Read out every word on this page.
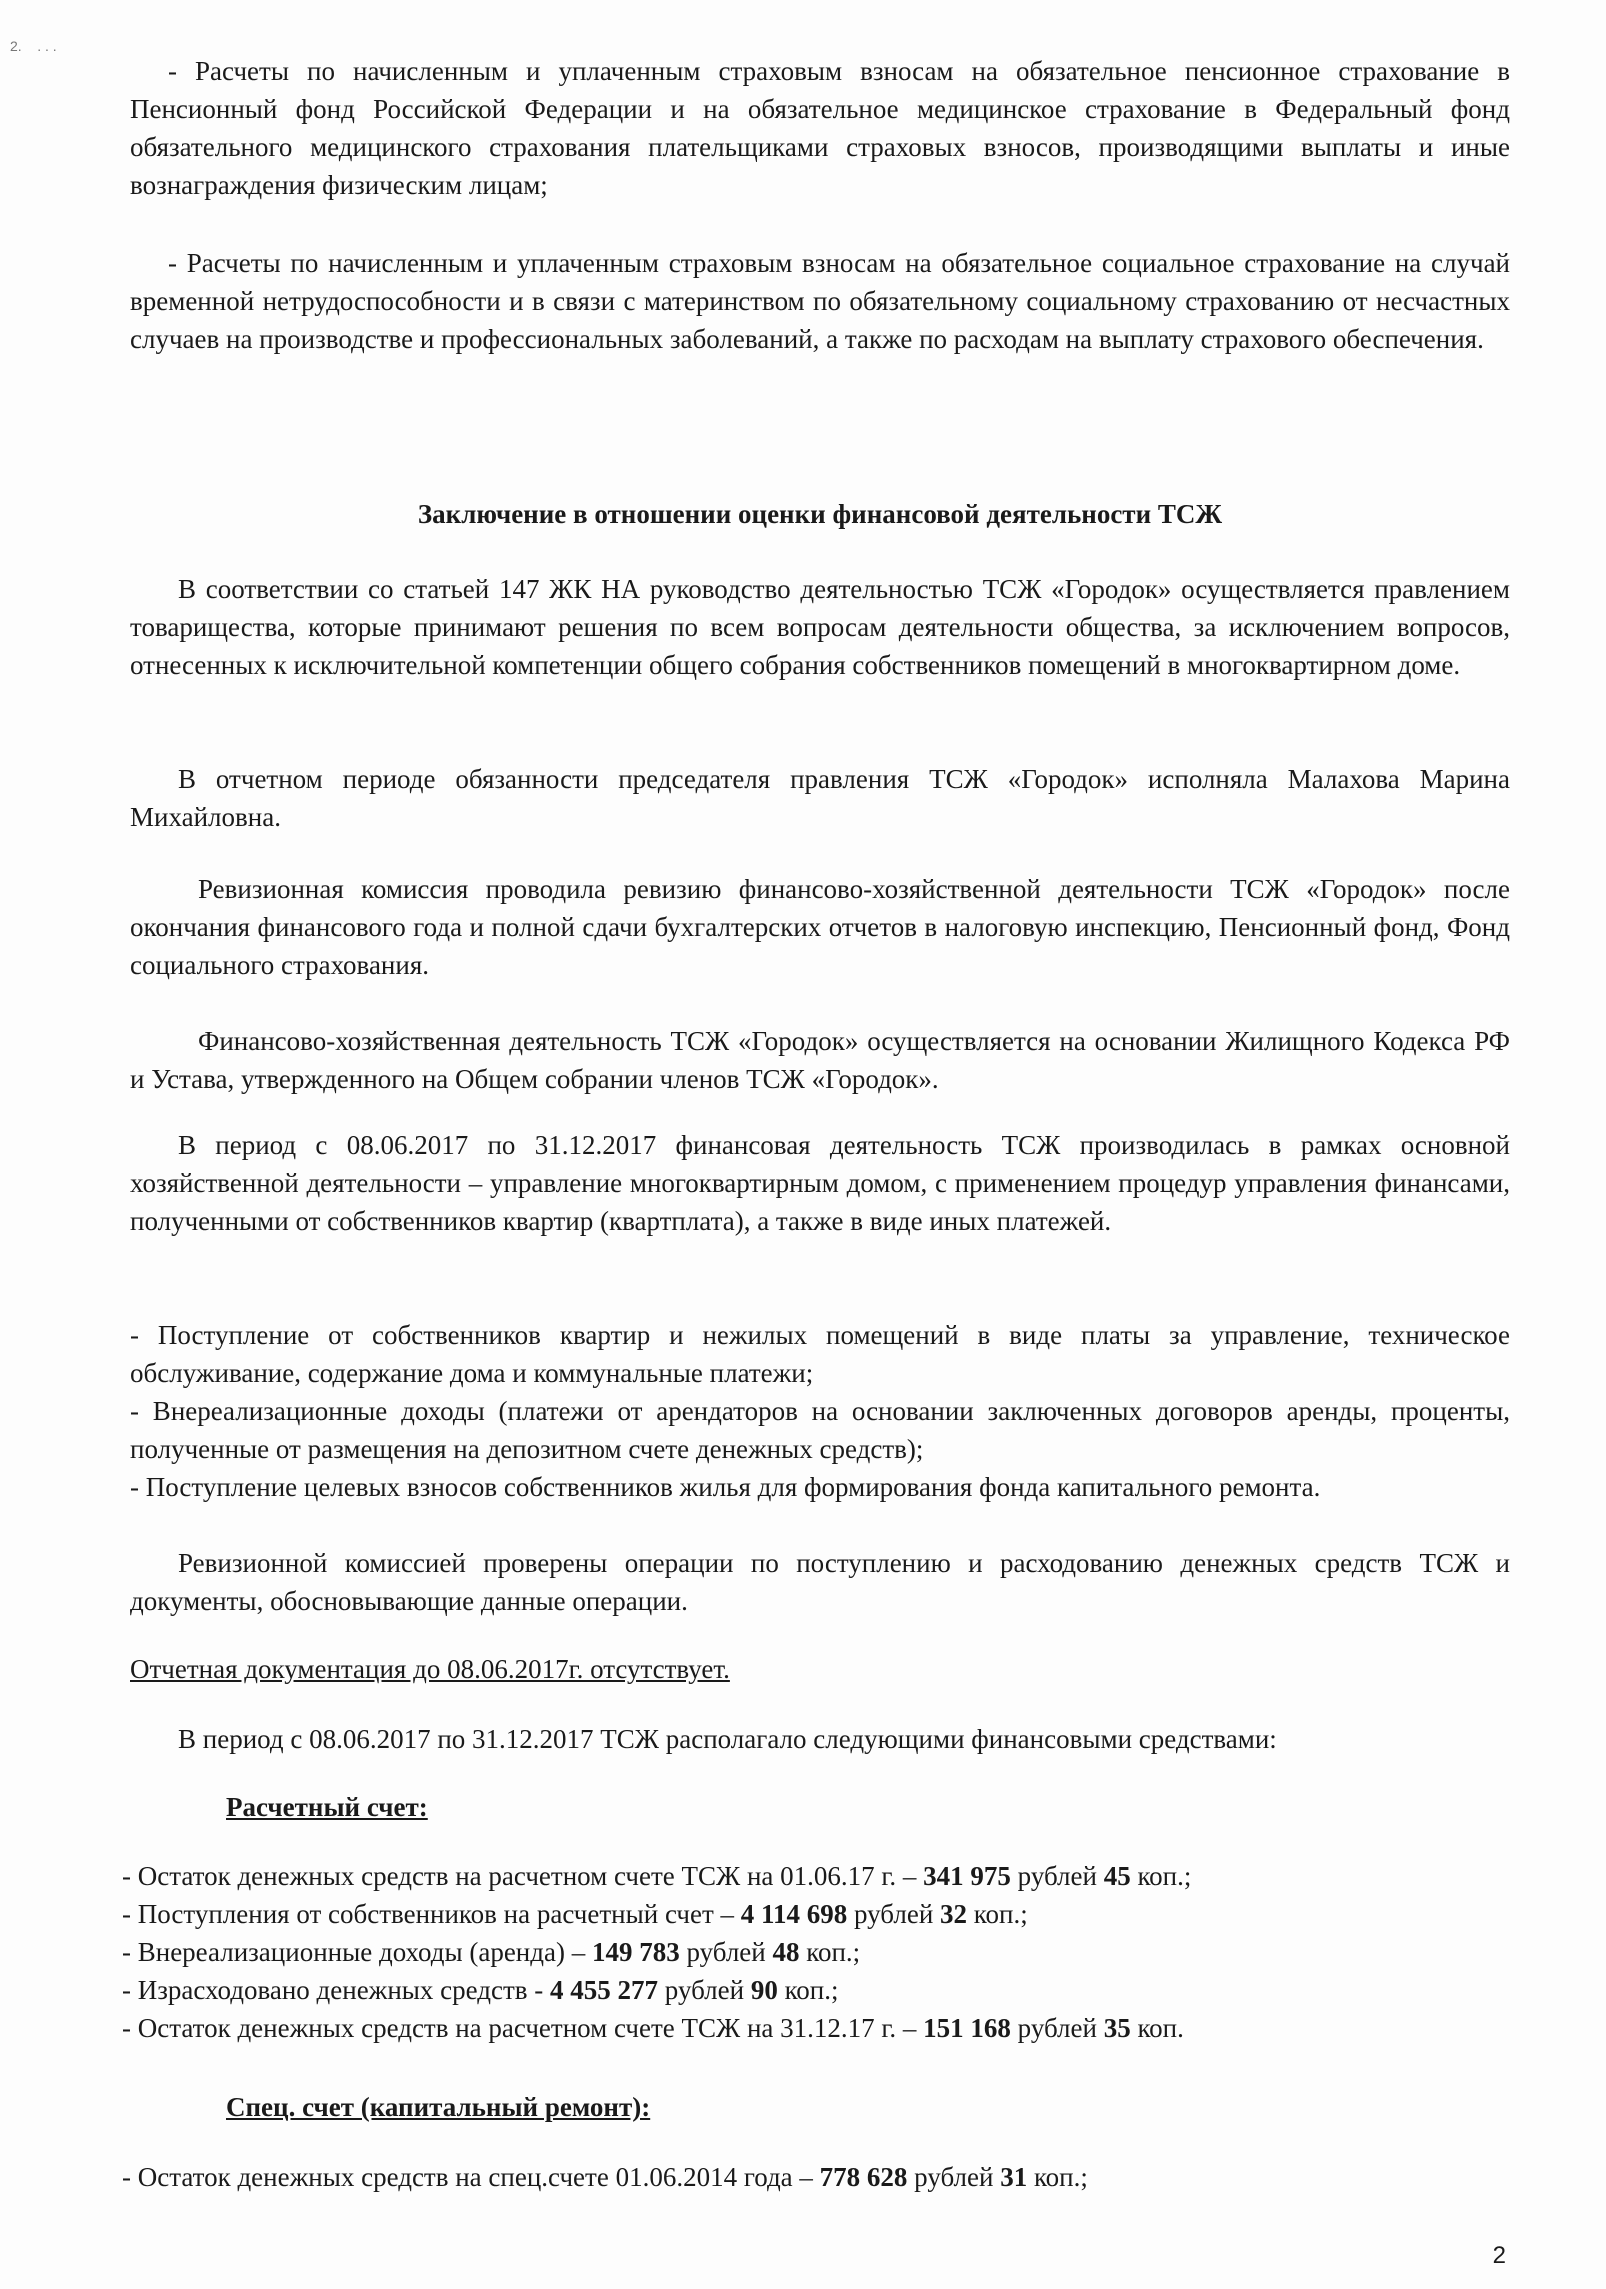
2.    . . .

- Расчеты по начисленным и уплаченным страховым взносам на обязательное пенсионное страхование в Пенсионный фонд Российской Федерации и на обязательное медицинское страхование в Федеральный фонд обязательного медицинского страхования плательщиками страховых взносов, производящими выплаты и иные вознаграждения физическим лицам;

- Расчеты по начисленным и уплаченным страховым взносам на обязательное социальное страхование на случай временной нетрудоспособности и в связи с материнством по обязательному социальному страхованию от несчастных случаев на производстве и профессиональных заболеваний, а также по расходам на выплату страхового обеспечения.

Заключение в отношении оценки финансовой деятельности ТСЖ

В соответствии со статьей 147 ЖК НА руководство деятельностью ТСЖ «Городок» осуществляется правлением товарищества, которые принимают решения по всем вопросам деятельности общества, за исключением вопросов, отнесенных к исключительной компетенции общего собрания собственников помещений в многоквартирном доме.

В отчетном периоде обязанности председателя правления ТСЖ «Городок» исполняла Малахова Марина Михайловна.

Ревизионная комиссия проводила ревизию финансово-хозяйственной деятельности ТСЖ «Городок» после окончания финансового года и полной сдачи бухгалтерских отчетов в налоговую инспекцию, Пенсионный фонд, Фонд социального страхования.

Финансово-хозяйственная деятельность ТСЖ «Городок» осуществляется на основании Жилищного Кодекса РФ и Устава, утвержденного на Общем собрании членов ТСЖ «Городок».

В период с 08.06.2017 по 31.12.2017 финансовая деятельность ТСЖ производилась в рамках основной хозяйственной деятельности – управление многоквартирным домом, с применением процедур управления финансами, полученными от собственников квартир (квартплата), а также в виде иных платежей.

- Поступление от собственников квартир и нежилых помещений в виде платы за управление, техническое обслуживание, содержание дома и коммунальные платежи;

- Внереализационные доходы (платежи от арендаторов на основании заключенных договоров аренды, проценты, полученные от размещения на депозитном счете денежных средств);

- Поступление целевых взносов собственников жилья для формирования фонда капитального ремонта.

Ревизионной комиссией проверены операции по поступлению и расходованию денежных средств ТСЖ и документы, обосновывающие данные операции.

Отчетная документация до 08.06.2017г. отсутствует.

В период с 08.06.2017 по 31.12.2017 ТСЖ располагало следующими финансовыми средствами:

Расчетный счет:

- Остаток денежных средств на расчетном счете ТСЖ на 01.06.17 г. – 341 975 рублей 45 коп.;
- Поступления от собственников на расчетный счет – 4 114 698 рублей 32 коп.;
- Внереализационные доходы (аренда) – 149 783 рублей 48 коп.;
- Израсходовано денежных средств - 4 455 277 рублей 90 коп.;
- Остаток денежных средств на расчетном счете ТСЖ на 31.12.17 г. – 151 168 рублей 35 коп.

Спец. счет (капитальный ремонт):

- Остаток денежных средств на спец.счете 01.06.2014 года – 778 628 рублей 31 коп.;
2
